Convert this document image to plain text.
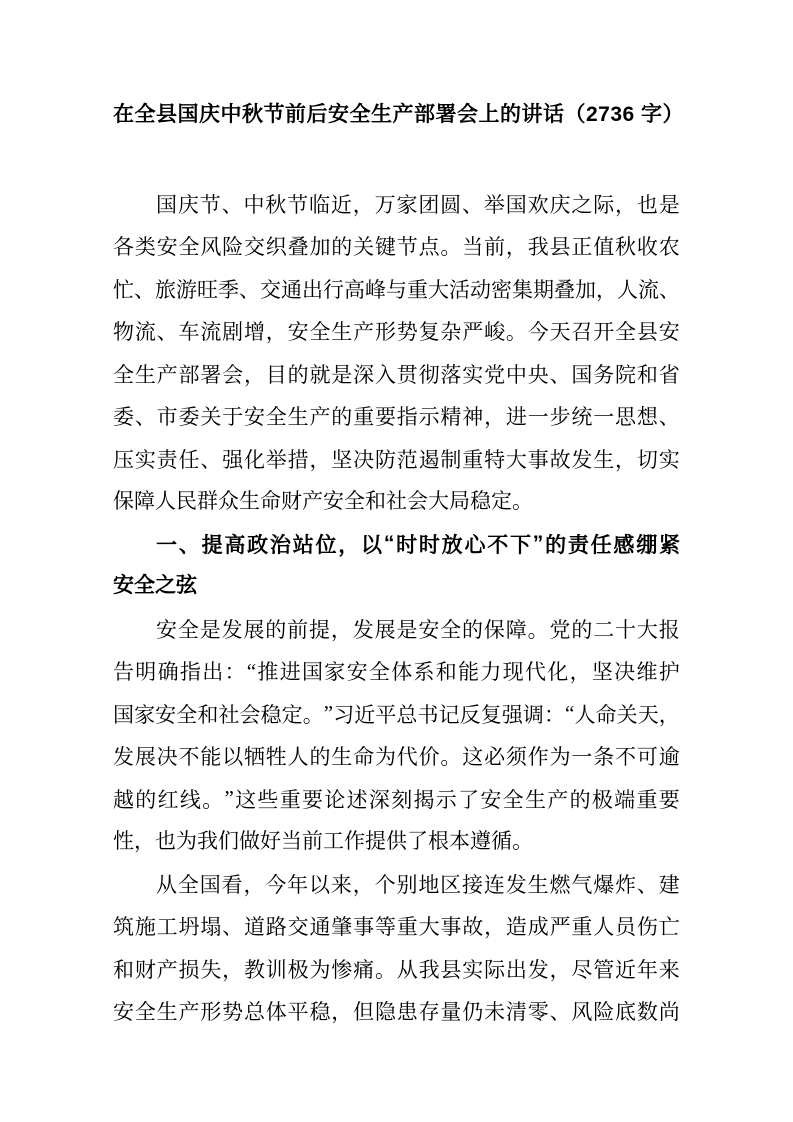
在全县国庆中秋节前后安全生产部署会上的讲话（2736 字）
国 庆 节 、 中 秋 节 临 近 ， 万 家 团 圆 、 举 国 欢 庆 之 际 ， 也 是
各 类 安 全 风 险 交 织 叠 加 的 关 键 节 点 。 当 前 ， 我 县 正 值 秋 收 农
忙 、 旅 游 旺 季 、 交 通 出 行 高 峰 与 重 大 活 动 密 集 期 叠 加 ， 人 流 、
物 流 、 车 流 剧 增 ， 安 全 生 产 形 势 复 杂 严 峻 。 今 天 召 开 全 县 安
全 生 产 部 署 会 ， 目 的 就 是 深 入 贯 彻 落 实 党 中 央 、 国 务 院 和 省
委 、 市 委 关 于 安 全 生 产 的 重 要 指 示 精 神 ， 进 一 步 统 一 思 想 、
压 实 责 任 、 强 化 举 措 ， 坚 决 防 范 遏 制 重 特 大 事 故 发 生 ， 切 实
保障人民群众生命财产安全和社会大局稳定。
一 、 提 高 政 治 站 位 ， 以 “ 时 时 放 心 不 下 ” 的 责 任 感 绷 紧
安全之弦
安 全 是 发 展 的 前 提 ， 发 展 是 安 全 的 保 障 。 党 的 二 十 大 报
告 明 确 指 出 ： “ 推 进 国 家 安 全 体 系 和 能 力 现 代 化 ， 坚 决 维 护
国 家 安 全 和 社 会 稳 定 。 ” 习 近 平 总 书 记 反 复 强 调 ： “ 人 命 关 天 ，
发 展 决 不 能 以 牺 牲 人 的 生 命 为 代 价 。 这 必 须 作 为 一 条 不 可 逾
越 的 红 线 。 ” 这 些 重 要 论 述 深 刻 揭 示 了 安 全 生 产 的 极 端 重 要
性，也为我们做好当前工作提供了根本遵循。
从 全 国 看 ， 今 年 以 来 ， 个 别 地 区 接 连 发 生 燃 气 爆 炸 、 建
筑 施 工 坍 塌 、 道 路 交 通 肇 事 等 重 大 事 故 ， 造 成 严 重 人 员 伤 亡
和 财 产 损 失 ， 教 训 极 为 惨 痛 。 从 我 县 实 际 出 发 ， 尽 管 近 年 来
安 全 生 产 形 势 总 体 平 稳 ， 但 隐 患 存 量 仍 未 清 零 、 风 险 底 数 尚
